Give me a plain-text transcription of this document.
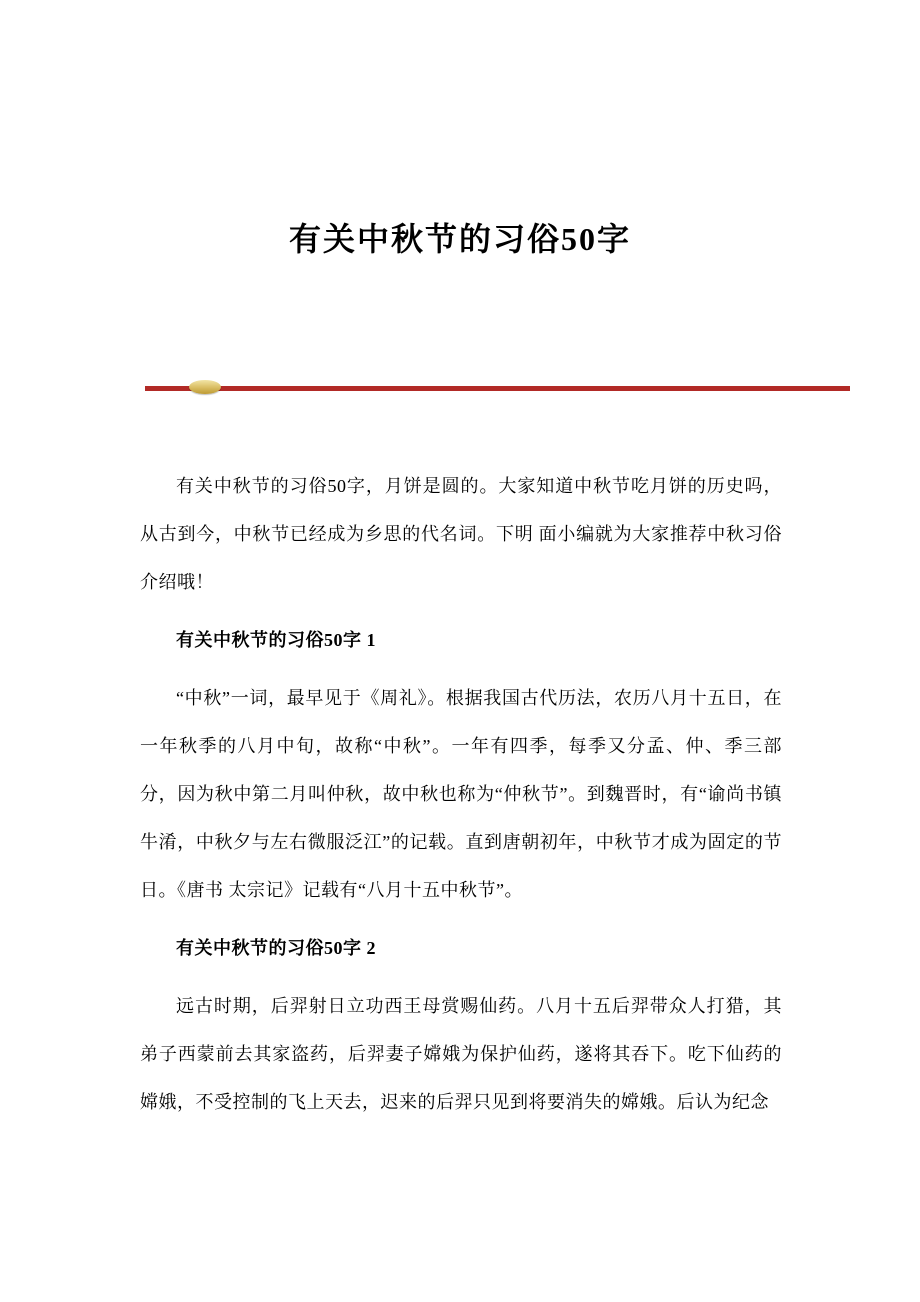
有关中秋节的习俗50字

有关中秋节的习俗50字，月饼是圆的。大家知道中秋节吃月饼的历史吗，从古到今，中秋节已经成为乡思的代名词。下明 面小编就为大家推荐中秋习俗介绍哦！

有关中秋节的习俗50字 1

“中秋”一词，最早见于《周礼》。根据我国古代历法，农历八月十五日，在一年秋季的八月中旬，故称“中秋”。一年有四季，每季又分孟、仲、季三部分，因为秋中第二月叫仲秋，故中秋也称为“仲秋节”。到魏晋时，有“谕尚书镇牛淆，中秋夕与左右微服泛江”的记载。直到唐朝初年，中秋节才成为固定的节日。《唐书 太宗记》记载有“八月十五中秋节”。

有关中秋节的习俗50字 2

远古时期，后羿射日立功西王母赏赐仙药。八月十五后羿带众人打猎，其弟子西蒙前去其家盗药，后羿妻子嫦娥为保护仙药，遂将其吞下。吃下仙药的嫦娥，不受控制的飞上天去，迟来的后羿只见到将要消失的嫦娥。后认为纪念
